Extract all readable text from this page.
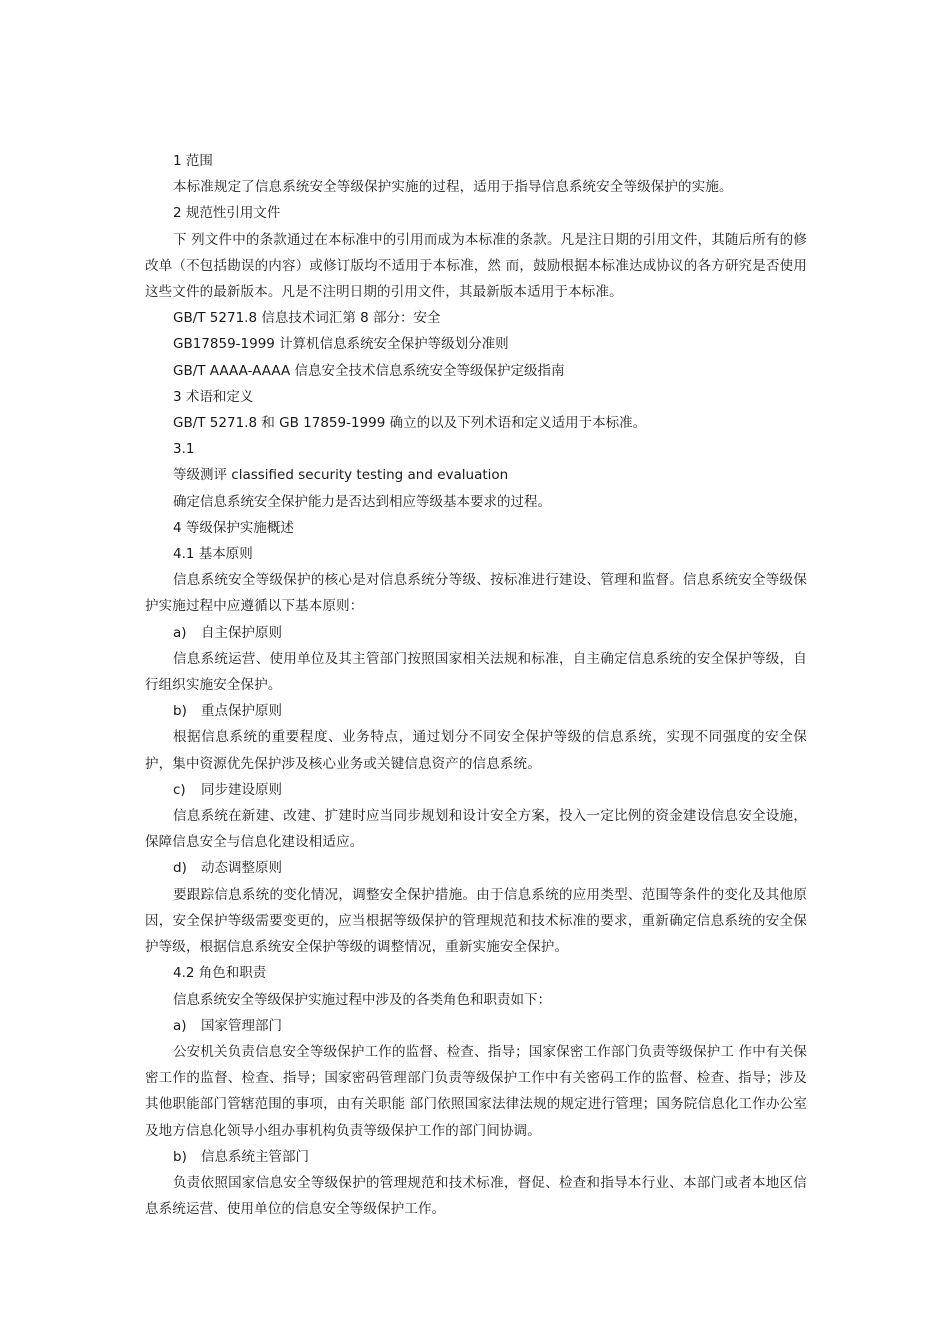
1 范围

本标准规定了信息系统安全等级保护实施的过程，适用于指导信息系统安全等级保护的实施。

2 规范性引用文件

下 列文件中的条款通过在本标准中的引用而成为本标准的条款。凡是注日期的引用文件，其随后所有的修改单（不包括勘误的内容）或修订版均不适用于本标准，然 而，鼓励根据本标准达成协议的各方研究是否使用这些文件的最新版本。凡是不注明日期的引用文件，其最新版本适用于本标准。

GB/T 5271.8 信息技术词汇第 8 部分：安全

GB17859-1999 计算机信息系统安全保护等级划分准则

GB/T AAAA-AAAA 信息安全技术信息系统安全等级保护定级指南

3 术语和定义

GB/T 5271.8 和 GB 17859-1999 确立的以及下列术语和定义适用于本标准。

3.1

等级测评 classified security testing and evaluation

确定信息系统安全保护能力是否达到相应等级基本要求的过程。

4 等级保护实施概述

4.1 基本原则

信息系统安全等级保护的核心是对信息系统分等级、按标准进行建设、管理和监督。信息系统安全等级保护实施过程中应遵循以下基本原则：

a) 自主保护原则

信息系统运营、使用单位及其主管部门按照国家相关法规和标准，自主确定信息系统的安全保护等级，自行组织实施安全保护。

b) 重点保护原则

根据信息系统的重要程度、业务特点，通过划分不同安全保护等级的信息系统，实现不同强度的安全保护，集中资源优先保护涉及核心业务或关键信息资产的信息系统。

c) 同步建设原则

信息系统在新建、改建、扩建时应当同步规划和设计安全方案，投入一定比例的资金建设信息安全设施，保障信息安全与信息化建设相适应。

d) 动态调整原则

要跟踪信息系统的变化情况，调整安全保护措施。由于信息系统的应用类型、范围等条件的变化及其他原因，安全保护等级需要变更的，应当根据等级保护的管理规范和技术标准的要求，重新确定信息系统的安全保护等级，根据信息系统安全保护等级的调整情况，重新实施安全保护。

4.2 角色和职责

信息系统安全等级保护实施过程中涉及的各类角色和职责如下：

a) 国家管理部门

公安机关负责信息安全等级保护工作的监督、检查、指导；国家保密工作部门负责等级保护工 作中有关保密工作的监督、检查、指导；国家密码管理部门负责等级保护工作中有关密码工作的监督、检查、指导；涉及其他职能部门管辖范围的事项，由有关职能 部门依照国家法律法规的规定进行管理；国务院信息化工作办公室及地方信息化领导小组办事机构负责等级保护工作的部门间协调。

b) 信息系统主管部门

负责依照国家信息安全等级保护的管理规范和技术标准，督促、检查和指导本行业、本部门或者本地区信息系统运营、使用单位的信息安全等级保护工作。
